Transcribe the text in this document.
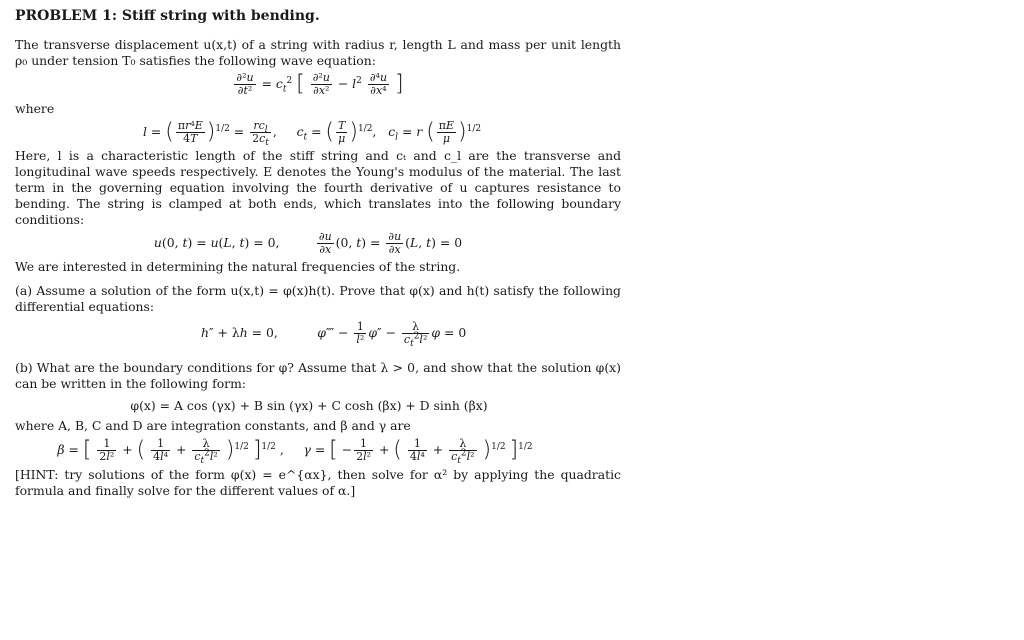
PROBLEM 1: Stiff string with bending.

The transverse displacement u(x,t) of a string with radius r, length L and mass per unit length ρ₀ under tension T₀ satisfies the following wave equation:

$\frac{\text{∂²u}}{\text{∂t²}} = c_t^2$ [ $\frac{\text{∂²u}}{\text{∂x²}} - l^2 \frac{\text{∂⁴u}}{\text{∂x⁴}}$ ]

where

l = ( $\frac{\text{πr⁴E}}{4T} )^{1/2} = \frac{rc_l}{2c_t}$ ,     $c_t$ = ( $\frac{T}{\mu} )^{1/2}$,   $c_l = r$ ( $\frac{\pi E}{\mu} )^{1/2}$

Here, l is a characteristic length of the stiff string and cₜ and c_l are the transverse and longitudinal wave speeds respectively. E denotes the Young's modulus of the material. The last term in the governing equation involving the fourth derivative of u captures resistance to bending. The string is clamped at both ends, which translates into the following boundary conditions:

u(0, t) = u(L, t) = 0, $\frac{\partial u}{\partial x} (0$, $t) = \frac{\partial u}{\partial x} (L$, t) = 0

We are interested in determining the natural frequencies of the string.

(a) Assume a solution of the form u(x,t) = φ(x)h(t). Prove that φ(x) and h(t) satisfy the following differential equations:

h″ + λh = 0,          φ⁗ − $\frac{1}{\text{l²}} \varphi'' - \frac{\lambda}{c_t^2l^2}$ φ = 0

(b) What are the boundary conditions for φ? Assume that λ > 0, and show that the solution φ(x) can be written in the following form:

φ(x) = A cos (γx) + B sin (γx) + C cosh (βx) + D sinh (βx)

where A, B, C and D are integration constants, and β and γ are

β = [ $\frac{1}{\text{2l²}}$ + ( $\frac{1}{\text{4l⁴}} + \frac{\lambda}{c_t^2l^2} )^{1/2}$ ]$^{1/2}$ ,     γ = [ − $\frac{1}{\text{2l²}}$ + ( $\frac{1}{\text{4l⁴}} + \frac{\lambda}{c_t^2l^2} )^{1/2}$ ]$^{1/2}$

[HINT: try solutions of the form φ(x) = e^{αx}, then solve for α² by applying the quadratic formula and finally solve for the different values of α.]
